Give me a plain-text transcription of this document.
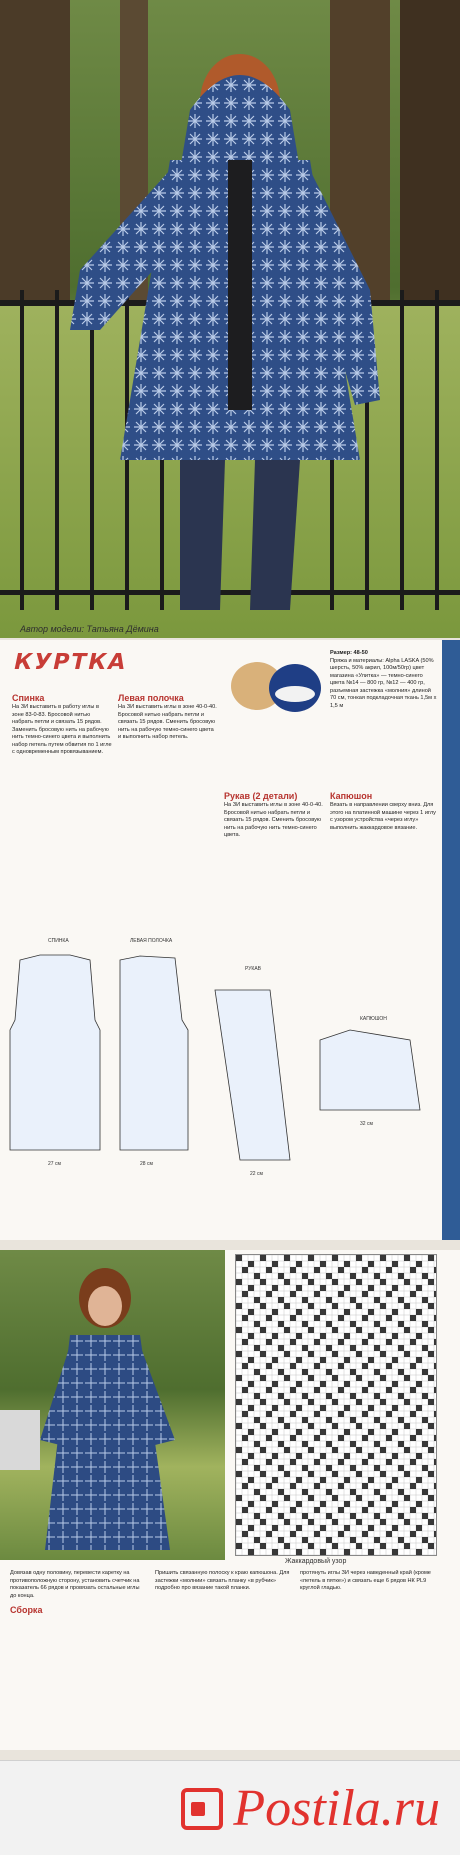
Автор модели: Татьяна Дёмина
КУРТКА	Размер: 48-50
Пряжа и материалы: Alpha LASKA (50% шерсть, 50% акрил, 100м/50гр) цвет магазина «Улитка» — темно-синего цвета №14 — 800 гр, №12 — 400 гр, разъемная застежка «молния» длиной 70 см, тонкая подкладочная ткань 1,5м х 1,5 м
Спинка
На ЗИ выставить в работу иглы в зоне 83-0-83. Бросовой нитью набрать петли и связать 15 рядов. Заменить бросовую нить на рабочую нить темно-синего цвета и выполнить набор петель путем обвития по 1 игле с одновременным провязыванием.
Левая полочка
На ЗИ выставить иглы в зоне 40-0-40. Бросовой нитью набрать петли и связать 15 рядов. Сменить бросовую нить на рабочую темно-синего цвета и выполнить набор петель.
Рукав (2 детали)
На ЗИ выставить иглы в зоне 40-0-40. Бросовой нитью набрать петли и связать 15 рядов. Сменить бросовую нить на рабочую нить темно-синего цвета.
Капюшон
Вязать в направлении сверху вниз. Для этого на платинной машине через 1 иглу с узором устройства «через иглу» выполнить жаккардовое вязание.
СПИНКА
27 см
ЛЕВАЯ ПОЛОЧКА
28 см
РУКАВ
22 см
КАПЮШОН
32 см
Жаккардовый узор
Довязав одну половину, перевести каретку на противоположную сторону, установить счетчик на показатель 66 рядов и провязать остальные иглы до конца.
Сборка
Пришить связанную полоску к краю капюшона. Для застежки «молнии» связать планку «в рубчик» подробно про вязание такой планки.
протянуть иглы ЗИ через наведенный край (кроме «петель в пятке») и связать еще 6 рядов НК PL9 круглой гладью.
Postila.ru
